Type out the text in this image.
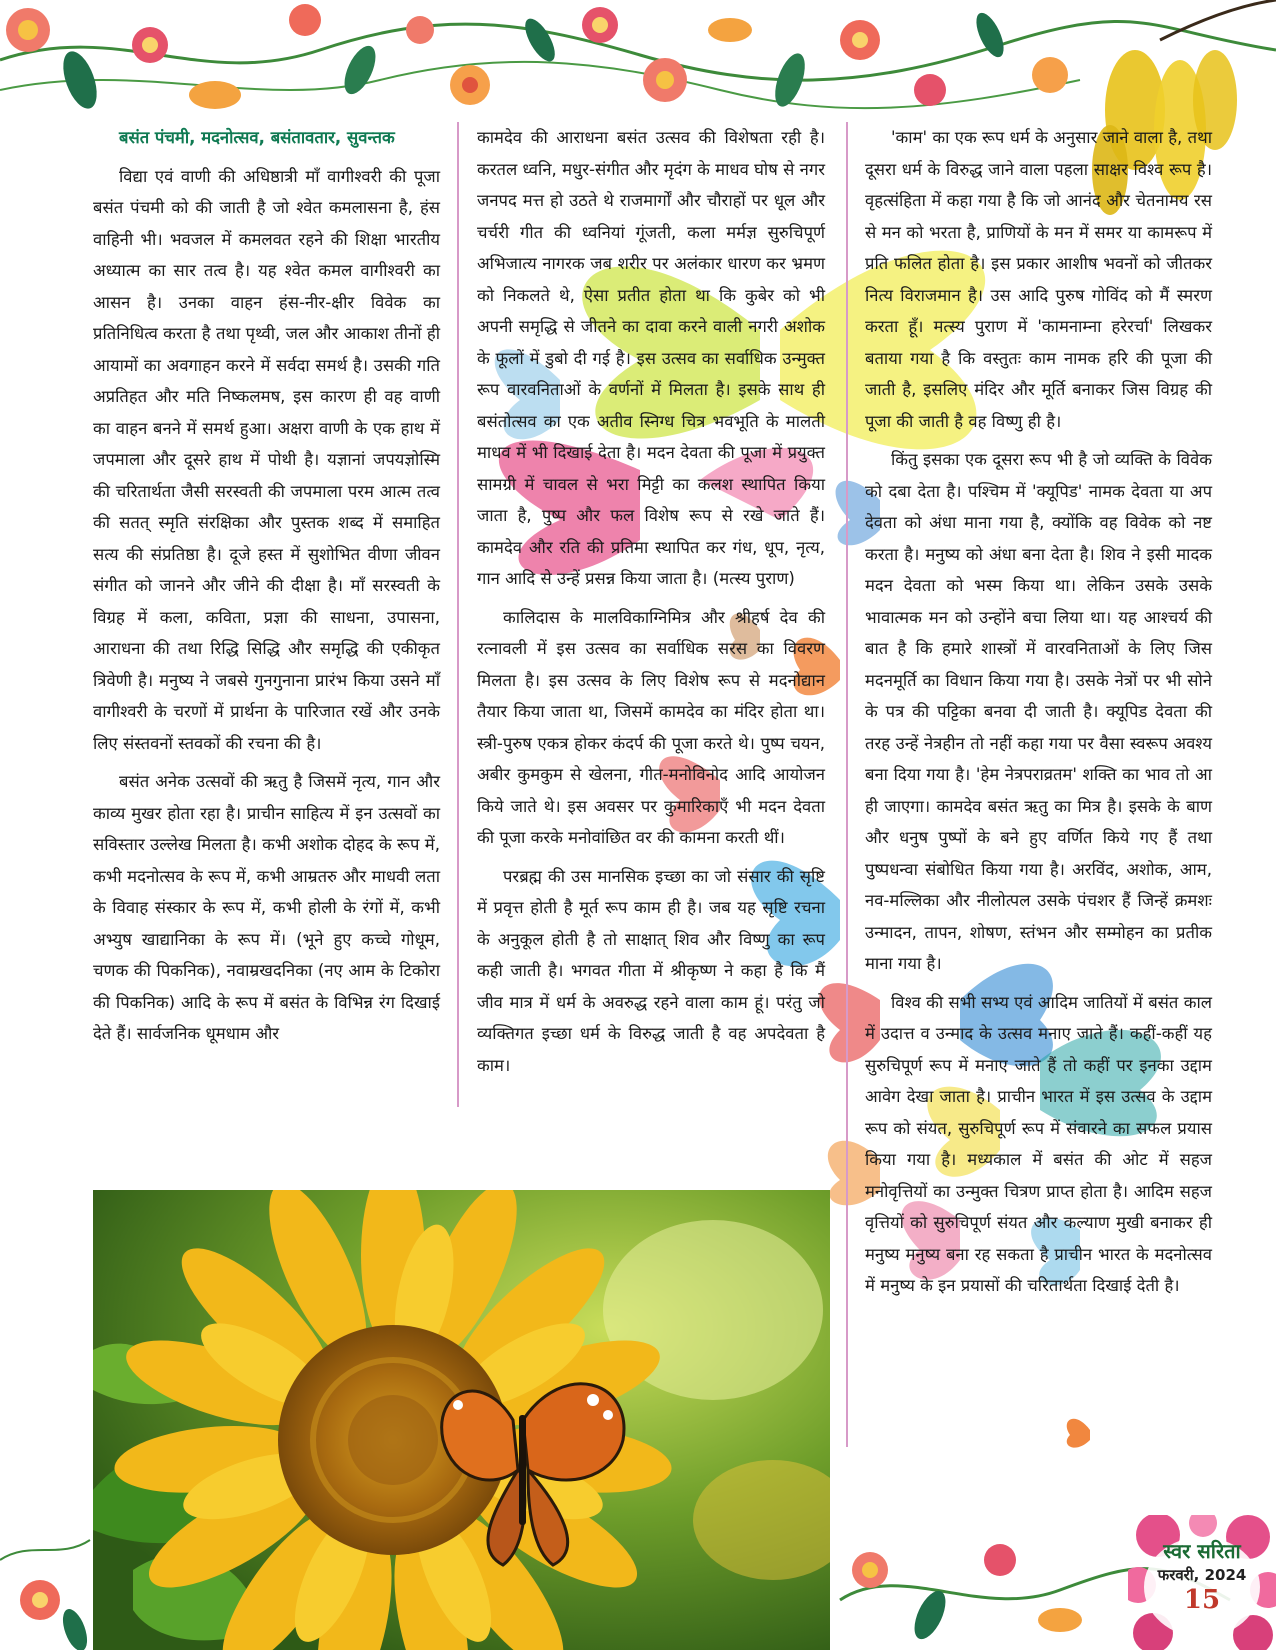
बसंत पंचमी, मदनोत्सव, बसंतावतार, सुवन्तक

विद्या एवं वाणी की अधिष्ठात्री माँ वागीश्वरी की पूजा बसंत पंचमी को की जाती है जो श्वेत कमलासना है, हंस वाहिनी भी। भवजल में कमलवत रहने की शिक्षा भारतीय अध्यात्म का सार तत्व है। यह श्वेत कमल वागीश्वरी का आसन है। उनका वाहन हंस-नीर-क्षीर विवेक का प्रतिनिधित्व करता है तथा पृथ्वी, जल और आकाश तीनों ही आयामों का अवगाहन करने में सर्वदा समर्थ है। उसकी गति अप्रतिहत और मति निष्कलमष, इस कारण ही वह वाणी का वाहन बनने में समर्थ हुआ। अक्षरा वाणी के एक हाथ में जपमाला और दूसरे हाथ में पोथी है। यज्ञानां जपयज्ञोस्मि की चरितार्थता जैसी सरस्वती की जपमाला परम आत्म तत्व की सतत् स्मृति संरक्षिका और पुस्तक शब्द में समाहित सत्य की संप्रतिष्ठा है। दूजे हस्त में सुशोभित वीणा जीवन संगीत को जानने और जीने की दीक्षा है। माँ सरस्वती के विग्रह में कला, कविता, प्रज्ञा की साधना, उपासना, आराधना की तथा रिद्धि सिद्धि और समृद्धि की एकीकृत त्रिवेणी है। मनुष्य ने जबसे गुनगुनाना प्रारंभ किया उसने माँ वागीश्वरी के चरणों में प्रार्थना के पारिजात रखें और उनके लिए संस्तवनों स्तवकों की रचना की है।

बसंत अनेक उत्सवों की ऋतु है जिसमें नृत्य, गान और काव्य मुखर होता रहा है। प्राचीन साहित्य में इन उत्सवों का सविस्तार उल्लेख मिलता है। कभी अशोक दोहद के रूप में, कभी मदनोत्सव के रूप में, कभी आम्रतरु और माधवी लता के विवाह संस्कार के रूप में, कभी होली के रंगों में, कभी अभ्युष खाद्यानिका के रूप में। (भूने हुए कच्चे गोधूम, चणक की पिकनिक), नवाम्रखदनिका (नए आम के टिकोरा की पिकनिक) आदि के रूप में बसंत के विभिन्न रंग दिखाई देते हैं। सार्वजनिक धूमधाम और

कामदेव की आराधना बसंत उत्सव की विशेषता रही है। करतल ध्वनि, मधुर-संगीत और मृदंग के माधव घोष से नगर जनपद मत्त हो उठते थे राजमार्गों और चौराहों पर धूल और चर्चरी गीत की ध्वनियां गूंजती, कला मर्मज्ञ सुरुचिपूर्ण अभिजात्य नागरक जब शरीर पर अलंकार धारण कर भ्रमण को निकलते थे, ऐसा प्रतीत होता था कि कुबेर को भी अपनी समृद्धि से जीतने का दावा करने वाली नगरी अशोक के फूलों में डुबो दी गई है। इस उत्सव का सर्वाधिक उन्मुक्त रूप वारवनिताओं के वर्णनों में मिलता है। इसके साथ ही बसंतोत्सव का एक अतीव स्निग्ध चित्र भवभूति के मालती माधव में भी दिखाई देता है। मदन देवता की पूजा में प्रयुक्त सामग्री में चावल से भरा मिट्टी का कलश स्थापित किया जाता है, पुष्प और फल विशेष रूप से रखे जाते हैं। कामदेव और रति की प्रतिमा स्थापित कर गंध, धूप, नृत्य, गान आदि से उन्हें प्रसन्न किया जाता है। (मत्स्य पुराण)

कालिदास के मालविकाग्निमित्र और श्रीहर्ष देव की रत्नावली में इस उत्सव का सर्वाधिक सरस का विवरण मिलता है। इस उत्सव के लिए विशेष रूप से मदनोद्यान तैयार किया जाता था, जिसमें कामदेव का मंदिर होता था। स्त्री-पुरुष एकत्र होकर कंदर्प की पूजा करते थे। पुष्प चयन, अबीर कुमकुम से खेलना, गीत-मनोविनोद आदि आयोजन किये जाते थे। इस अवसर पर कुमारिकाएँ भी मदन देवता की पूजा करके मनोवांछित वर की कामना करती थीं।

परब्रह्म की उस मानसिक इच्छा का जो संसार की सृष्टि में प्रवृत्त होती है मूर्त रूप काम ही है। जब यह सृष्टि रचना के अनुकूल होती है तो साक्षात् शिव और विष्णु का रूप कही जाती है। भगवत गीता में श्रीकृष्ण ने कहा है कि मैं जीव मात्र में धर्म के अवरुद्ध रहने वाला काम हूं। परंतु जो व्यक्तिगत इच्छा धर्म के विरुद्ध जाती है वह अपदेवता है काम।

'काम' का एक रूप धर्म के अनुसार जाने वाला है, तथा दूसरा धर्म के विरुद्ध जाने वाला पहला साक्षर विश्व रूप है। वृहत्संहिता में कहा गया है कि जो आनंद और चेतनामय रस से मन को भरता है, प्राणियों के मन में समर या कामरूप में प्रति फलित होता है। इस प्रकार आशीष भवनों को जीतकर नित्य विराजमान है। उस आदि पुरुष गोविंद को मैं स्मरण करता हूँ। मत्स्य पुराण में 'कामनाम्ना हरेरर्चा' लिखकर बताया गया है कि वस्तुतः काम नामक हरि की पूजा की जाती है, इसलिए मंदिर और मूर्ति बनाकर जिस विग्रह की पूजा की जाती है वह विष्णु ही है।

किंतु इसका एक दूसरा रूप भी है जो व्यक्ति के विवेक को दबा देता है। पश्चिम में 'क्यूपिड' नामक देवता या अप देवता को अंधा माना गया है, क्योंकि वह विवेक को नष्ट करता है। मनुष्य को अंधा बना देता है। शिव ने इसी मादक मदन देवता को भस्म किया था। लेकिन उसके उसके भावात्मक मन को उन्होंने बचा लिया था। यह आश्चर्य की बात है कि हमारे शास्त्रों में वारवनिताओं के लिए जिस मदनमूर्ति का विधान किया गया है। उसके नेत्रों पर भी सोने के पत्र की पट्टिका बनवा दी जाती है। क्यूपिड देवता की तरह उन्हें नेत्रहीन तो नहीं कहा गया पर वैसा स्वरूप अवश्य बना दिया गया है। 'हेम नेत्रपराव्रतम' शक्ति का भाव तो आ ही जाएगा। कामदेव बसंत ऋतु का मित्र है। इसके के बाण और धनुष पुष्पों के बने हुए वर्णित किये गए हैं तथा पुष्पधन्वा संबोधित किया गया है। अरविंद, अशोक, आम, नव-मल्लिका और नीलोत्पल उसके पंचशर हैं जिन्हें क्रमशः उन्मादन, तापन, शोषण, स्तंभन और सम्मोहन का प्रतीक माना गया है।

विश्व की सभी सभ्य एवं आदिम जातियों में बसंत काल में उदात्त व उन्माद के उत्सव मनाए जाते हैं। कहीं-कहीं यह सुरुचिपूर्ण रूप में मनाए जाते हैं तो कहीं पर इनका उद्दाम आवेग देखा जाता है। प्राचीन भारत में इस उत्सव के उद्दाम रूप को संयत, सुरुचिपूर्ण रूप में संवारने का सफल प्रयास किया गया है। मध्यकाल में बसंत की ओट में सहज मनोवृत्तियों का उन्मुक्त चित्रण प्राप्त होता है। आदिम सहज वृत्तियों को सुरुचिपूर्ण संयत और कल्याण मुखी बनाकर ही मनुष्य मनुष्य बना रह सकता है प्राचीन भारत के मदनोत्सव में मनुष्य के इन प्रयासों की चरितार्थता दिखाई देती है।

स्वर सरिता
फरवरी, 2024
15
